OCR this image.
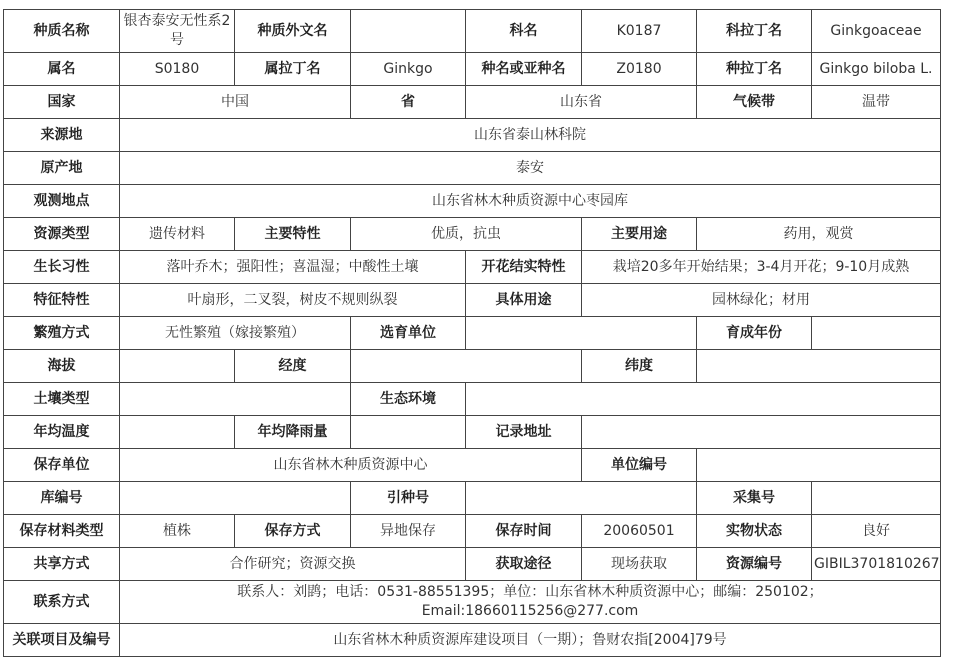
种质名称	银杏泰安无性系2号	种质外文名		科名	K0187	科拉丁名	Ginkgoaceae
属名	S0180	属拉丁名	Ginkgo	种名或亚种名	Z0180	种拉丁名	Ginkgo biloba L.
国家	中国		省	山东省		气候带	温带
来源地	山东省泰山林科院						
原产地	泰安						
观测地点	山东省林木种质资源中心枣园库						
资源类型	遗传材料	主要特性	优质，抗虫		主要用途	药用，观赏	
生长习性	落叶乔木；强阳性；喜温湿；中酸性土壤			开花结实特性	栽培20多年开始结果；3-4月开花；9-10月成熟		
特征特性	叶扇形，二叉裂，树皮不规则纵裂			具体用途	园林绿化；材用		
繁殖方式	无性繁殖（嫁接繁殖）		选育单位			育成年份	
海拔		经度			纬度		
土壤类型			生态环境				
年均温度		年均降雨量		记录地址			
保存单位	山东省林木种质资源中心				单位编号		
库编号			引种号			采集号	
保存材料类型	植株	保存方式	异地保存	保存时间	20060501	实物状态	良好
共享方式	合作研究；资源交换			获取途径	现场获取	资源编号	GIBIL3701810267
联系方式	联系人：刘鹍；电话：0531-88551395；单位：山东省林木种质资源中心；邮编：250102；
Email:18660115256@277.com						

关联项目及编号	山东省林木种质资源库建设项目（一期）；鲁财农指[2004]79号						
